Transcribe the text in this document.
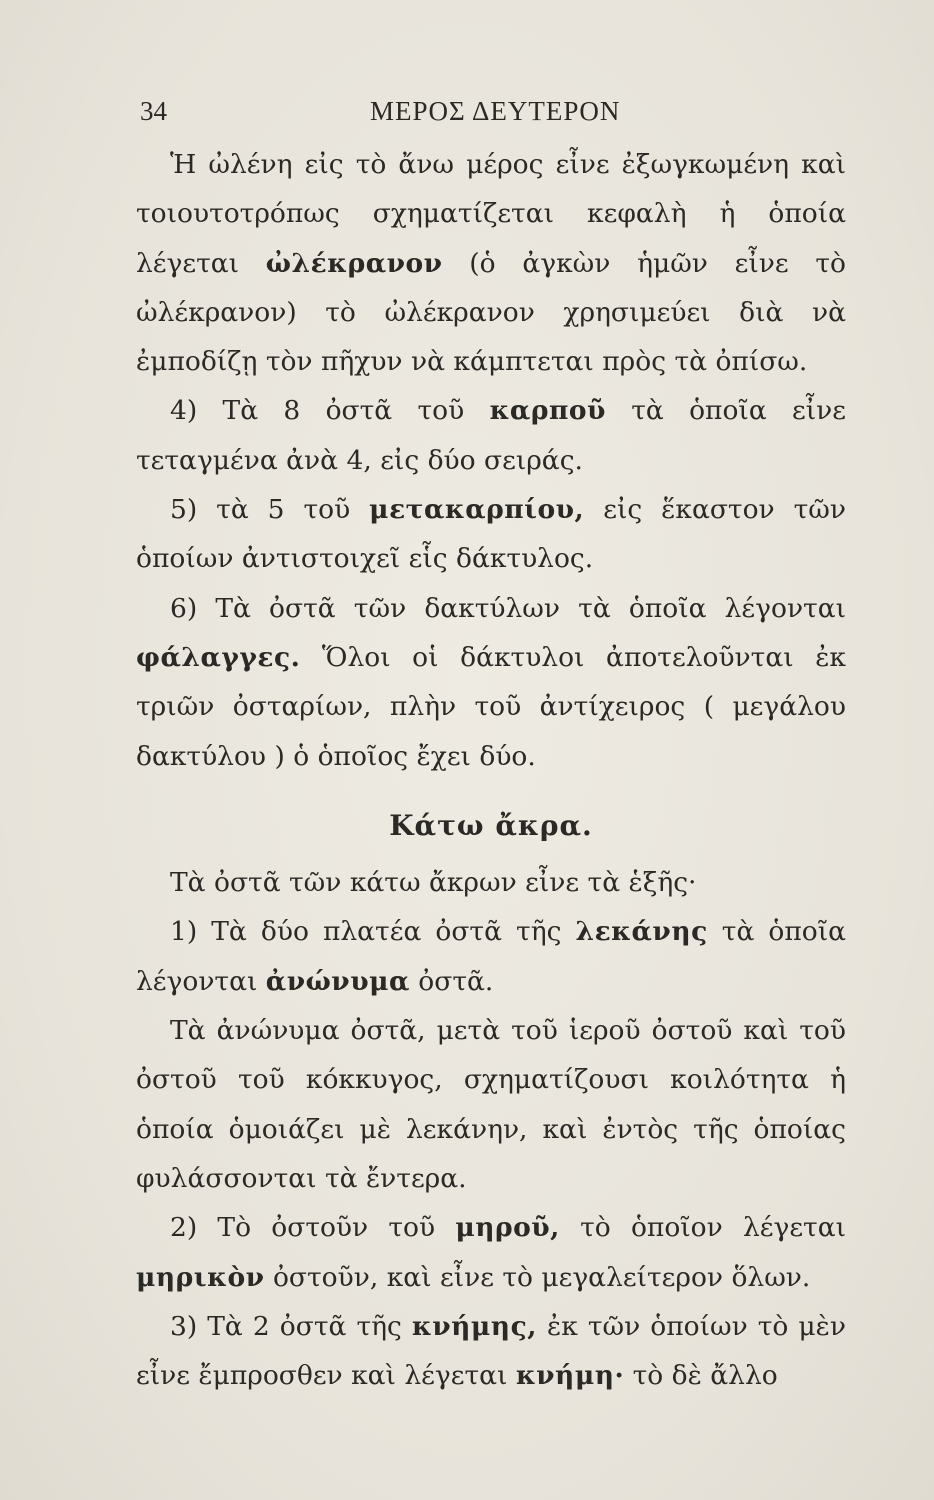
34	ΜΕΡΟΣ ΔΕΥΤΕΡΟΝ

Ἡ ὠλένη εἰς τὸ ἄνω μέρος εἶνε ἐξωγκωμένη καὶ τοιουτοτρόπως σχηματίζεται κεφαλὴ ἡ ὁποία λέγεται ὠλέκρανον (ὁ ἀγκὼν ἡμῶν εἶνε τὸ ὠλέκρανον) τὸ ὠλέκρανον χρησιμεύει διὰ νὰ ἐμποδίζῃ τὸν πῆχυν νὰ κάμπτεται πρὸς τὰ ὀπίσω.

4) Τὰ 8 ὀστᾶ τοῦ καρποῦ τὰ ὁποῖα εἶνε τεταγμένα ἀνὰ 4, εἰς δύο σειράς.

5) τὰ 5 τοῦ μετακαρπίου, εἰς ἕκαστον τῶν ὁποίων ἀντιστοιχεῖ εἷς δάκτυλος.

6) Τὰ ὀστᾶ τῶν δακτύλων τὰ ὁποῖα λέγονται φάλαγγες. Ὅλοι οἱ δάκτυλοι ἀποτελοῦνται ἐκ τριῶν ὀσταρίων, πλὴν τοῦ ἀντίχειρος ( μεγάλου δακτύλου ) ὁ ὁποῖος ἔχει δύο.

Κάτω ἄκρα.

Τὰ ὀστᾶ τῶν κάτω ἄκρων εἶνε τὰ ἑξῆς·

1) Τὰ δύο πλατέα ὀστᾶ τῆς λεκάνης τὰ ὁποῖα λέγονται ἀνώνυμα ὀστᾶ.

Τὰ ἀνώνυμα ὀστᾶ, μετὰ τοῦ ἱεροῦ ὀστοῦ καὶ τοῦ ὀστοῦ τοῦ κόκκυγος, σχηματίζουσι κοιλότητα ἡ ὁποία ὁμοιάζει μὲ λεκάνην, καὶ ἐντὸς τῆς ὁποίας φυλάσσονται τὰ ἔντερα.

2) Τὸ ὀστοῦν τοῦ μηροῦ, τὸ ὁποῖον λέγεται μηρικὸν ὀστοῦν, καὶ εἶνε τὸ μεγαλείτερον ὅλων.

3) Τὰ 2 ὀστᾶ τῆς κνήμης, ἐκ τῶν ὁποίων τὸ μὲν εἶνε ἔμπροσθεν καὶ λέγεται κνήμη· τὸ δὲ ἄλλο
